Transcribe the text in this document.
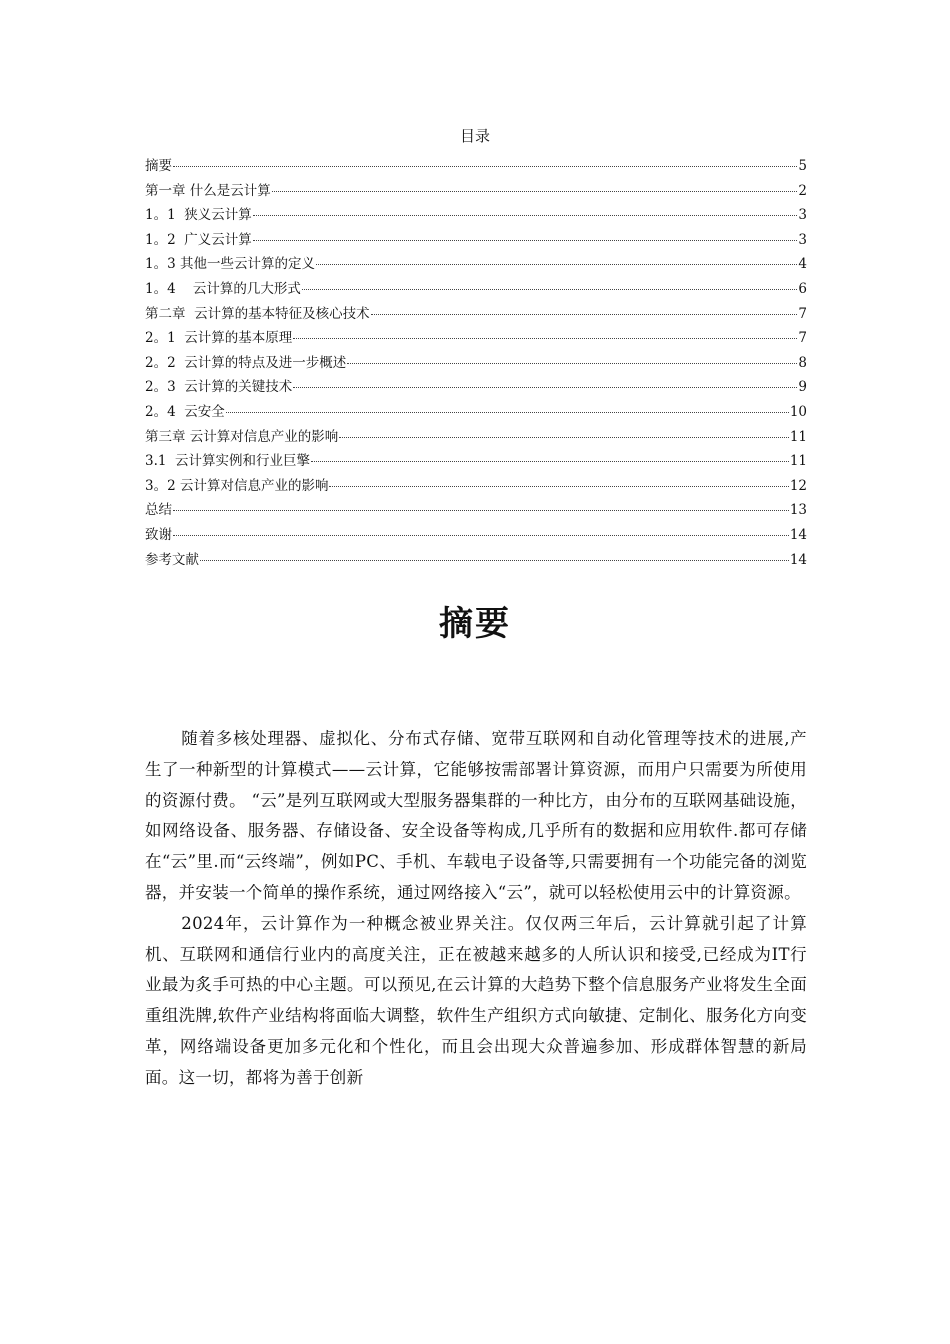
目录
摘要	5
第一章 什么是云计算	2
1。1  狭义云计算	3
1。2  广义云计算	3
1。3 其他一些云计算的定义	4
1。4    云计算的几大形式	6
第二章  云计算的基本特征及核心技术	7
2。1  云计算的基本原理	7
2。2  云计算的特点及进一步概述	8
2。3  云计算的关键技术	9
2。4  云安全	10
第三章 云计算对信息产业的影响	11
3.1  云计算实例和行业巨擎	11
3。2 云计算对信息产业的影响	12
总结	13
致谢	14
参考文献	14
摘要

随着多核处理器、虚拟化、分布式存储、宽带互联网和自动化管理等技术的进展,产生了一种新型的计算模式——云计算，它能够按需部署计算资源，而用户只需要为所使用的资源付费。 “云”是列互联网或大型服务器集群的一种比方，由分布的互联网基础设施，如网络设备、服务器、存储设备、安全设备等构成,几乎所有的数据和应用软件.都可存储在“云”里.而“云终端”，例如PC、手机、车载电子设备等,只需要拥有一个功能完备的浏览器，并安装一个简单的操作系统，通过网络接入“云”，就可以轻松使用云中的计算资源。

2024年，云计算作为一种概念被业界关注。仅仅两三年后，云计算就引起了计算机、互联网和通信行业内的高度关注，正在被越来越多的人所认识和接受,已经成为IT行业最为炙手可热的中心主题。可以预见,在云计算的大趋势下整个信息服务产业将发生全面重组洗牌,软件产业结构将面临大调整，软件生产组织方式向敏捷、定制化、服务化方向变革，网络端设备更加多元化和个性化，而且会出现大众普遍参加、形成群体智慧的新局面。这一切，都将为善于创新
